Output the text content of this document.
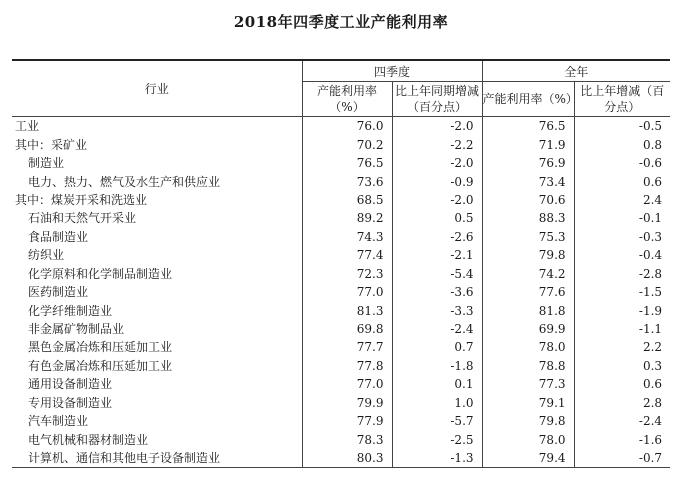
2018年四季度工业产能利用率
行业	四季度		全年	
	产能利用率（%）	比上年同期增减（百分点）	产能利用率（%）	比上年增减（百分点）
工业	76.0	-2.0	76.5	-0.5
其中：采矿业	70.2	-2.2	71.9	0.8
制造业	76.5	-2.0	76.9	-0.6
电力、热力、燃气及水生产和供应业	73.6	-0.9	73.4	0.6
其中：煤炭开采和洗选业	68.5	-2.0	70.6	2.4
石油和天然气开采业	89.2	0.5	88.3	-0.1
食品制造业	74.3	-2.6	75.3	-0.3
纺织业	77.4	-2.1	79.8	-0.4
化学原料和化学制品制造业	72.3	-5.4	74.2	-2.8
医药制造业	77.0	-3.6	77.6	-1.5
化学纤维制造业	81.3	-3.3	81.8	-1.9
非金属矿物制品业	69.8	-2.4	69.9	-1.1
黑色金属冶炼和压延加工业	77.7	0.7	78.0	2.2
有色金属冶炼和压延加工业	77.8	-1.8	78.8	0.3
通用设备制造业	77.0	0.1	77.3	0.6
专用设备制造业	79.9	1.0	79.1	2.8
汽车制造业	77.9	-5.7	79.8	-2.4
电气机械和器材制造业	78.3	-2.5	78.0	-1.6
计算机、通信和其他电子设备制造业	80.3	-1.3	79.4	-0.7
